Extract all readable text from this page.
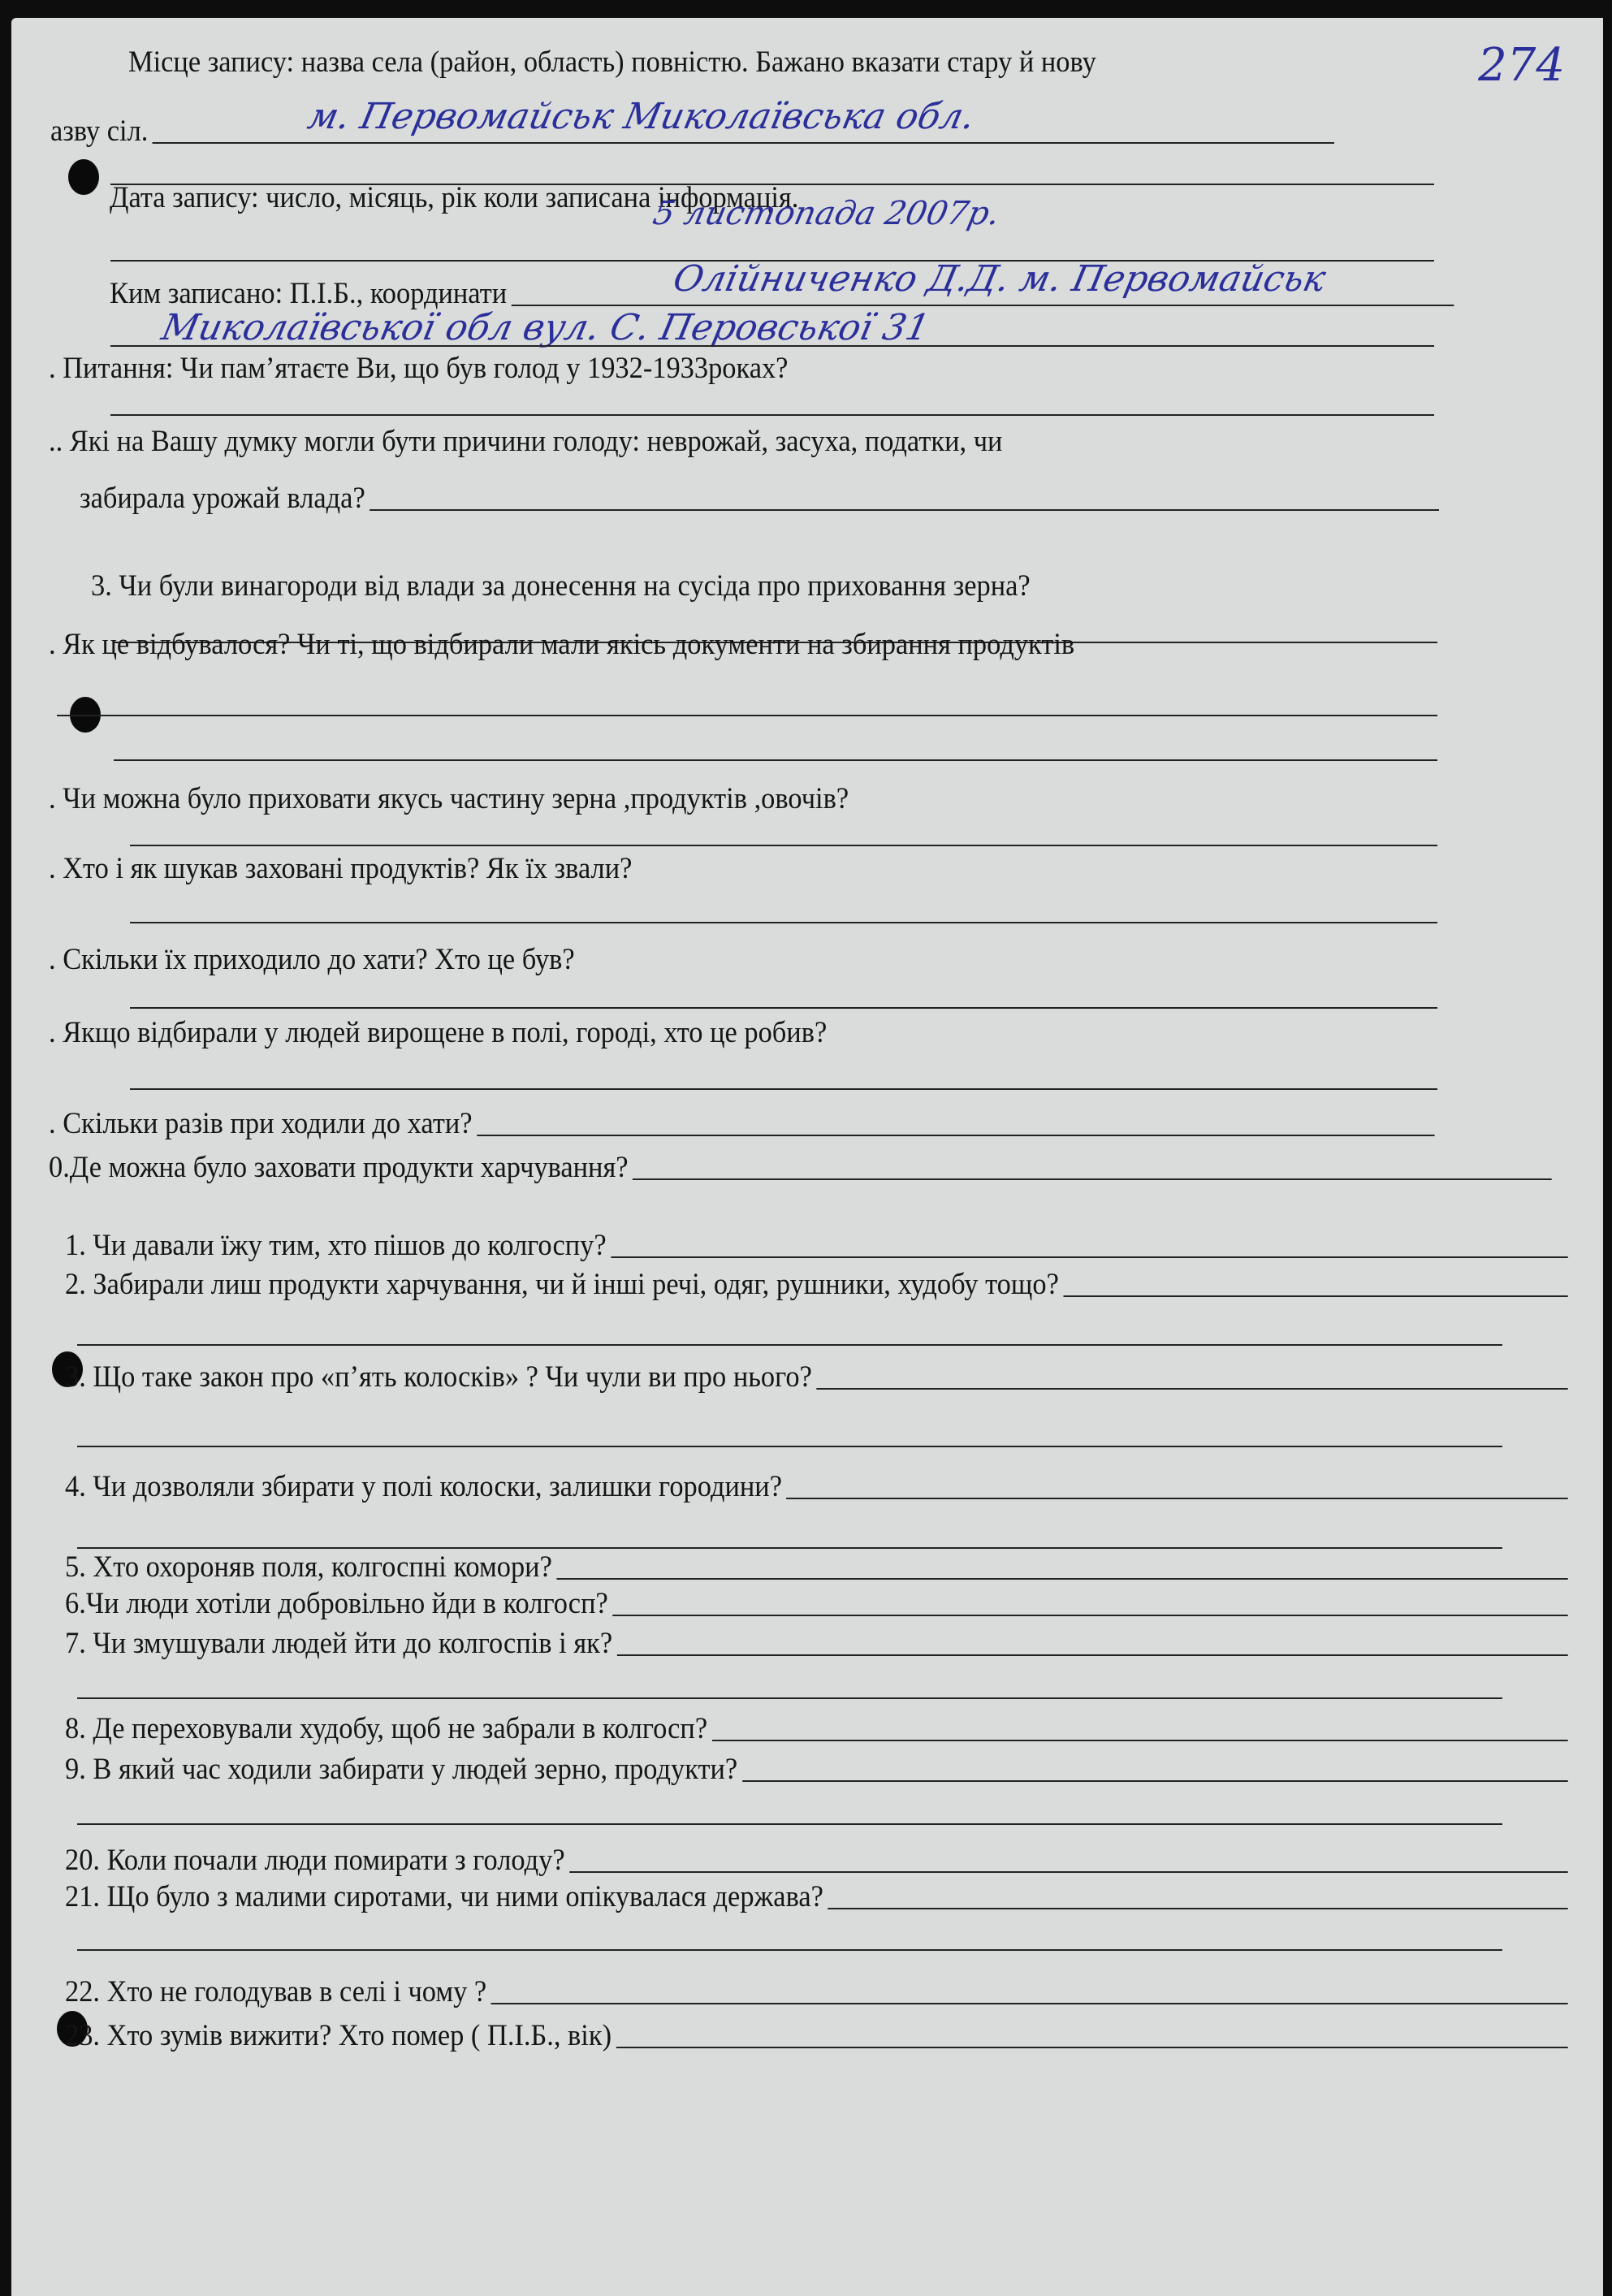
274
Місце запису: назва села (район, область) повністю. Бажано вказати стару й нову
азву сіл.	м. Первомайськ Миколаївська обл.
Дата запису: число, місяць, рік коли записана інформація.
5 листопада 2007р.
Ким записано: П.І.Б., координати	Олійниченко Д.Д. м. Первомайськ
Миколаївської обл вул. С. Перовської 31
. Питання: Чи пам’ятаєте Ви, що був голод у 1932-1933роках?
.. Які на Вашу думку могли бути причини голоду: неврожай, засуха, податки, чи
забирала урожай влада?
3. Чи були винагороди від влади за донесення на сусіда про приховання зерна?
. Як це відбувалося? Чи ті, що відбирали мали якісь документи на збирання продуктів
. Чи можна було приховати якусь частину зерна ,продуктів ,овочів?
. Хто і як шукав заховані продуктів? Як їх звали?
. Скільки їх приходило до хати? Хто це був?
. Якщо відбирали у людей вирощене в полі, городі, хто це робив?
. Скільки разів при ходили до хати?
0.Де можна було заховати продукти харчування?
1. Чи давали їжу тим, хто пішов до колгоспу?
2. Забирали лиш продукти харчування, чи й інші речі, одяг, рушники, худобу тощо?
3. Що таке закон про «п’ять колосків» ? Чи чули ви про нього?
4. Чи дозволяли збирати у полі колоски, залишки городини?
5. Хто охороняв поля, колгоспні комори?
6.Чи люди хотіли добровільно йди в колгосп?
7. Чи змушували людей йти до колгоспів і як?
8. Де переховували худобу, щоб не забрали в колгосп?
9. В який час ходили забирати у людей зерно, продукти?
20. Коли почали люди помирати з голоду?
21. Що було з малими сиротами, чи ними опікувалася держава?
22. Хто не голодував в селі і чому ?
23. Хто зумів вижити? Хто помер ( П.І.Б., вік)
